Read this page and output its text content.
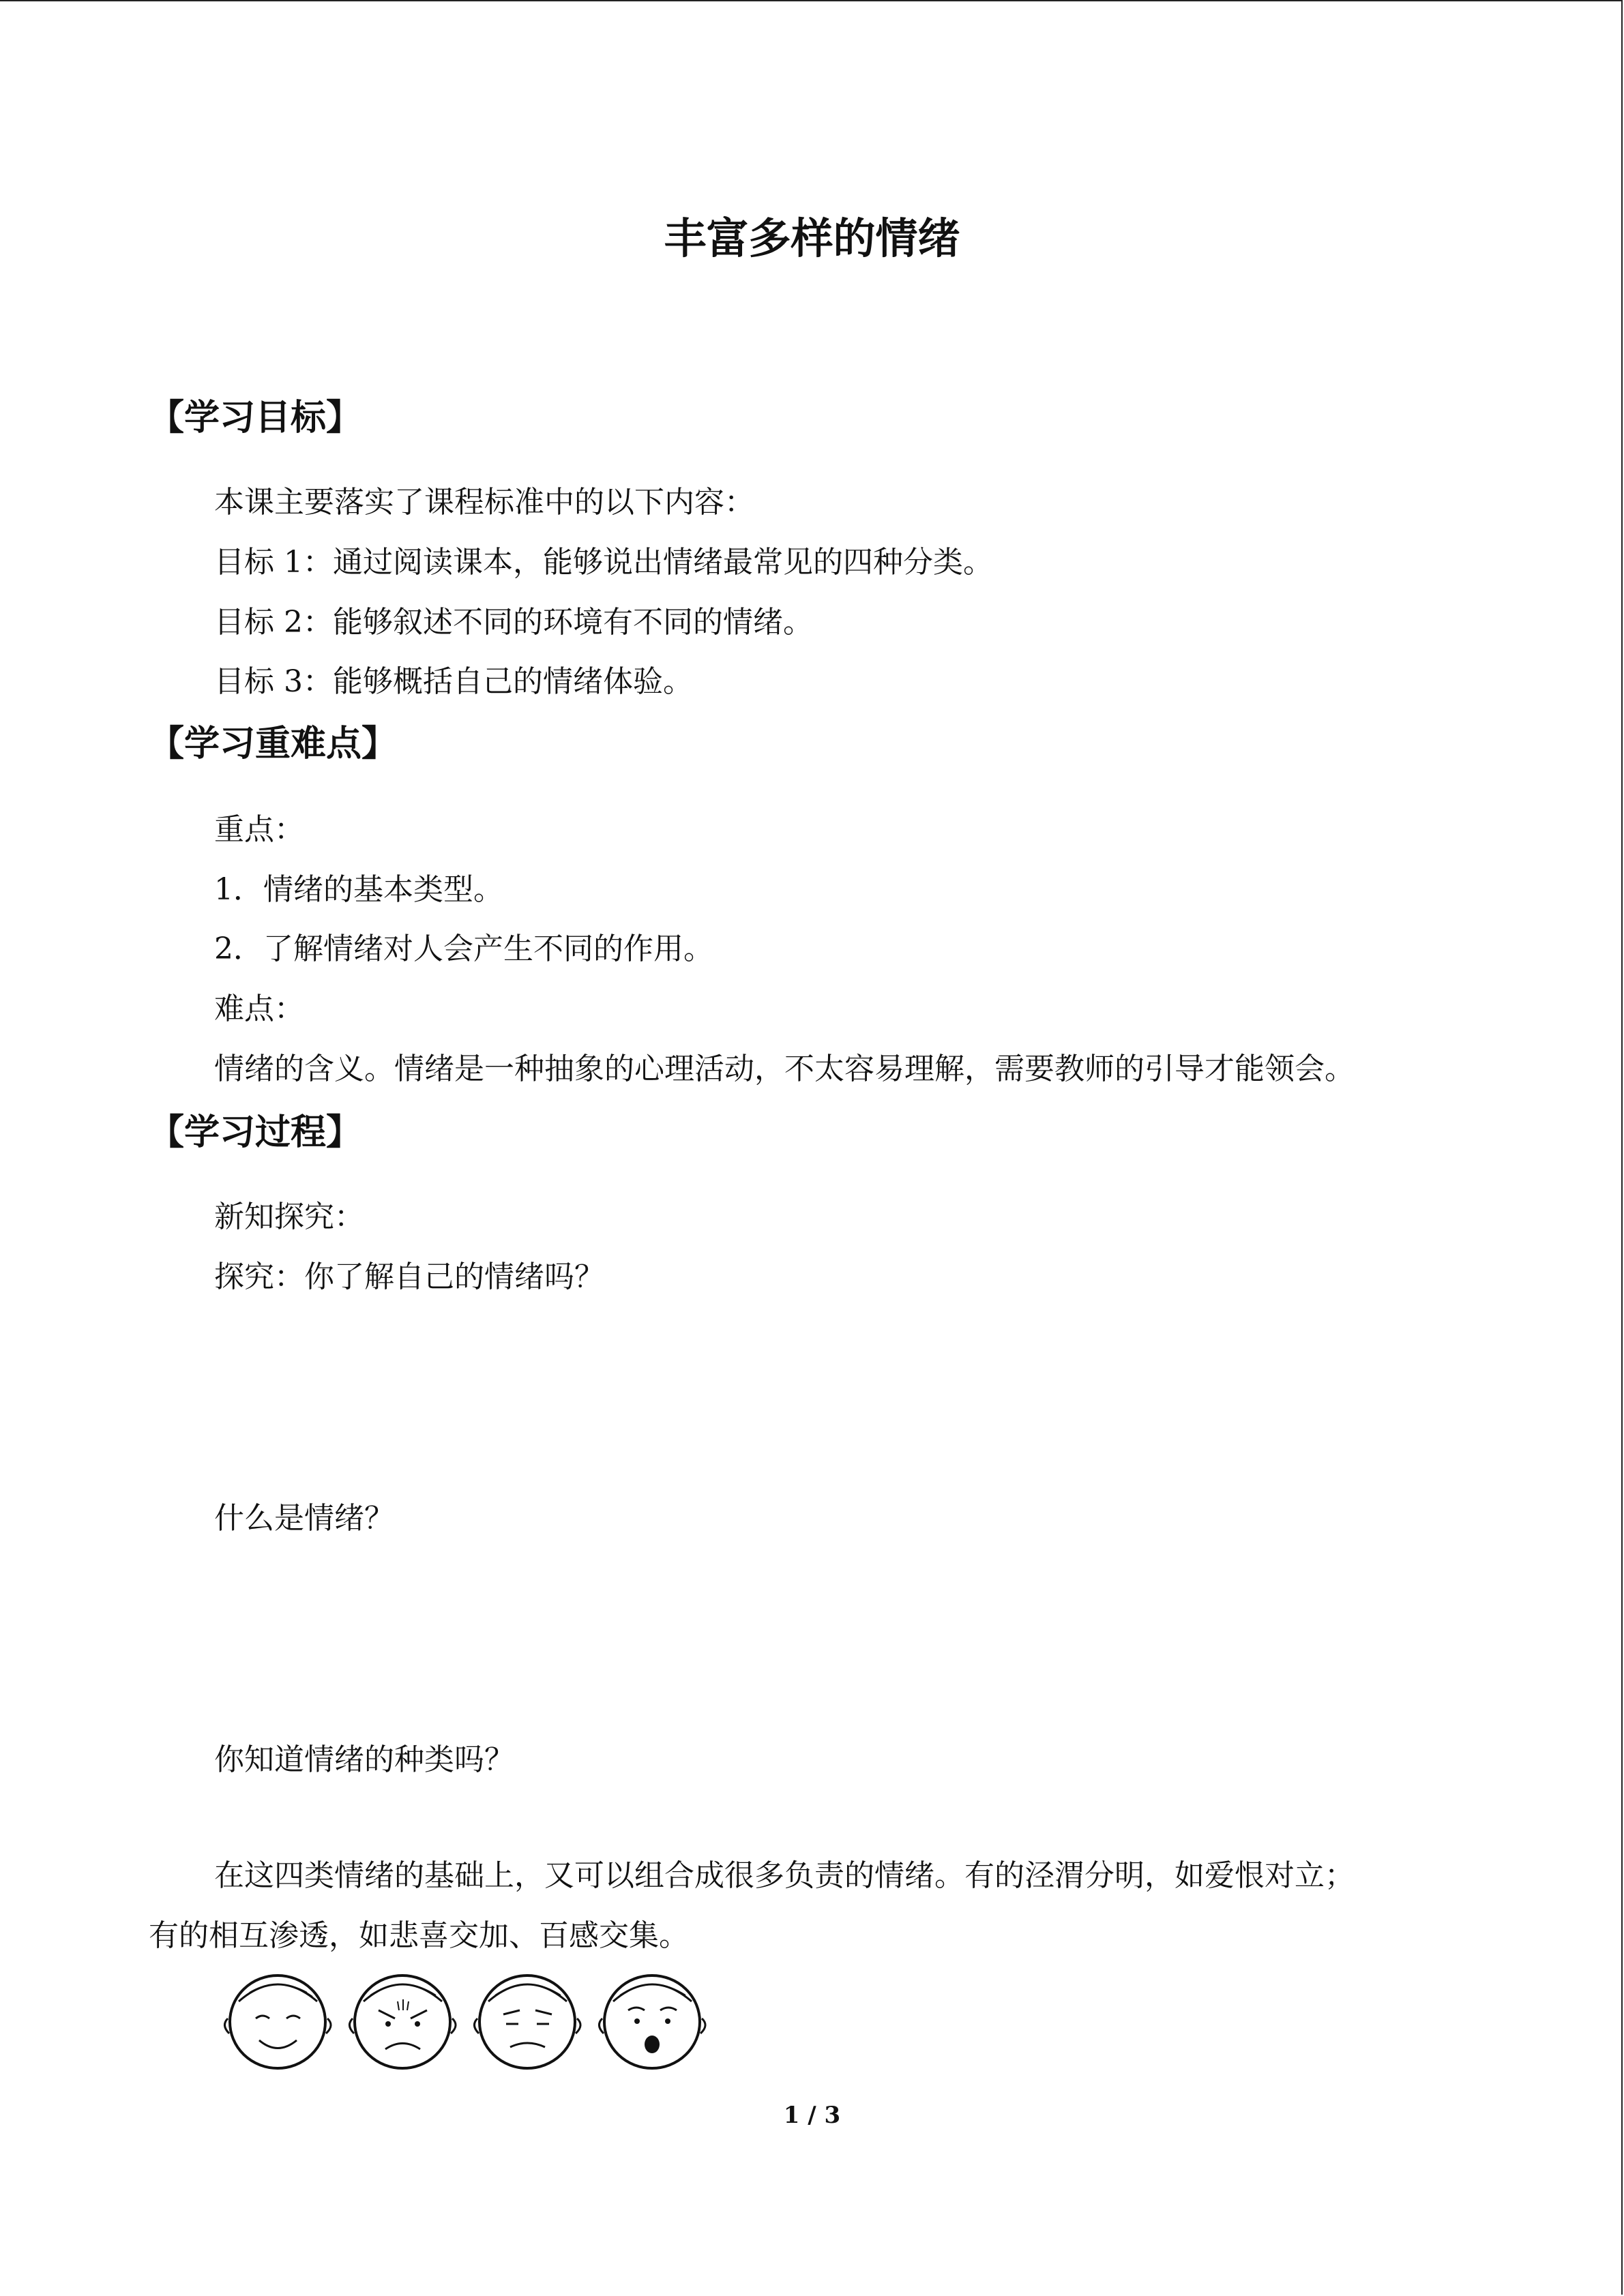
丰富多样的情绪
【学习目标】
本课主要落实了课程标准中的以下内容：
目标 1：通过阅读课本，能够说出情绪最常见的四种分类。
目标 2：能够叙述不同的环境有不同的情绪。
目标 3：能够概括自己的情绪体验。
【学习重难点】
重点：
1．情绪的基本类型。
2．了解情绪对人会产生不同的作用。
难点：
情绪的含义。情绪是一种抽象的心理活动，不太容易理解，需要教师的引导才能领会。
【学习过程】
新知探究：
探究：你了解自己的情绪吗？
什么是情绪？
你知道情绪的种类吗？
在这四类情绪的基础上，又可以组合成很多负责的情绪。有的泾渭分明，如爱恨对立；
有的相互渗透，如悲喜交加、百感交集。
1 / 3
